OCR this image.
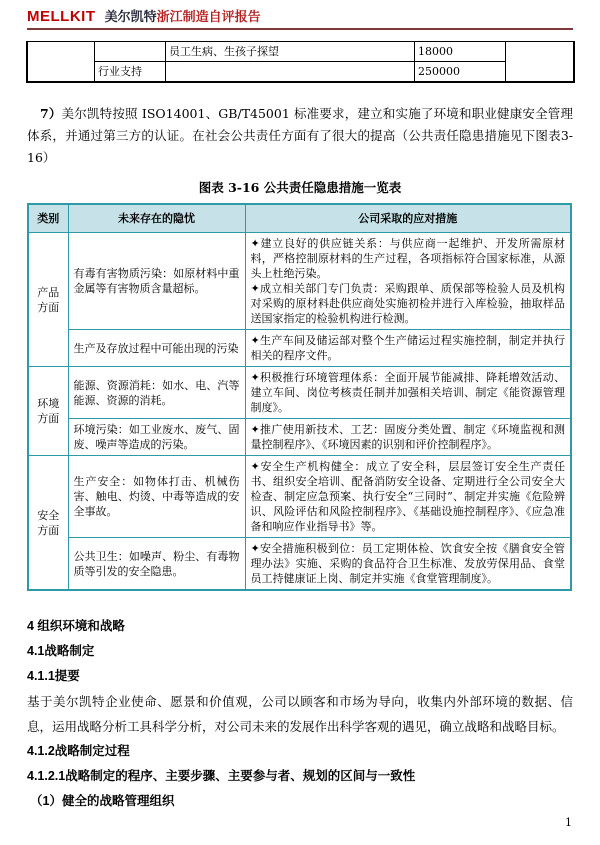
MELLKIT 美尔凯特浙江制造自评报告
		员工生病、生孩子探望	18000	
	行业支持		250000	

7）美尔凯特按照 ISO14001、GB/T45001 标准要求，建立和实施了环境和职业健康安全管理体系，并通过第三方的认证。在社会公共责任方面有了很大的提高（公共责任隐患措施见下图表3-16）

图表 3-16 公共责任隐患措施一览表
类别	未来存在的隐忧	公司采取的应对措施
产品方面	有毒有害物质污染：如原材料中重金属等有害物质含量超标。	✦建立良好的供应链关系：与供应商一起维护、开发所需原材料，严格控制原材料的生产过程，各项指标符合国家标准，从源头上杜绝污染。
✦成立相关部门专门负责：采购跟单、质保部等检验人员及机构对采购的原材料赴供应商处实施初检并进行入库检验，抽取样品送国家指定的检验机构进行检测。

	生产及存放过程中可能出现的污染	✦生产车间及储运部对整个生产储运过程实施控制，制定并执行相关的程序文件。

环境方面	能源、资源消耗：如水、电、汽等能源、资源的消耗。	✦积极推行环境管理体系：全面开展节能减排、降耗增效活动、建立车间、岗位考核责任制并加强相关培训、制定《能资源管理制度》。

	环境污染：如工业废水、废气、固废、噪声等造成的污染。	✦推广使用新技术、工艺：固废分类处置、制定《环境监视和测量控制程序》、《环境因素的识别和评价控制程序》。

安全方面	生产安全：如物体打击、机械伤害、触电、灼烫、中毒等造成的安全事故。	✦安全生产机构健全：成立了安全科，层层签订安全生产责任书、组织安全培训、配备消防安全设备、定期进行全公司安全大检查、制定应急预案、执行安全“三同时”、制定并实施《危险辨识、风险评估和风险控制程序》、《基础设施控制程序》、《应急准备和响应作业指导书》等。

	公共卫生：如噪声、粉尘、有毒物质等引发的安全隐患。	✦安全措施积极到位：员工定期体检、饮食安全按《膳食安全管理办法》实施、采购的食品符合卫生标准、发放劳保用品、食堂员工持健康证上岗、制定并实施《食堂管理制度》。

4 组织环境和战略

4.1战略制定

4.1.1提要

基于美尔凯特企业使命、愿景和价值观，公司以顾客和市场为导向，收集内外部环境的数据、信息，运用战略分析工具科学分析，对公司未来的发展作出科学客观的遇见，确立战略和战略目标。

4.1.2战略制定过程

4.1.2.1战略制定的程序、主要步骤、主要参与者、规划的区间与一致性

（1）健全的战略管理组织

1
